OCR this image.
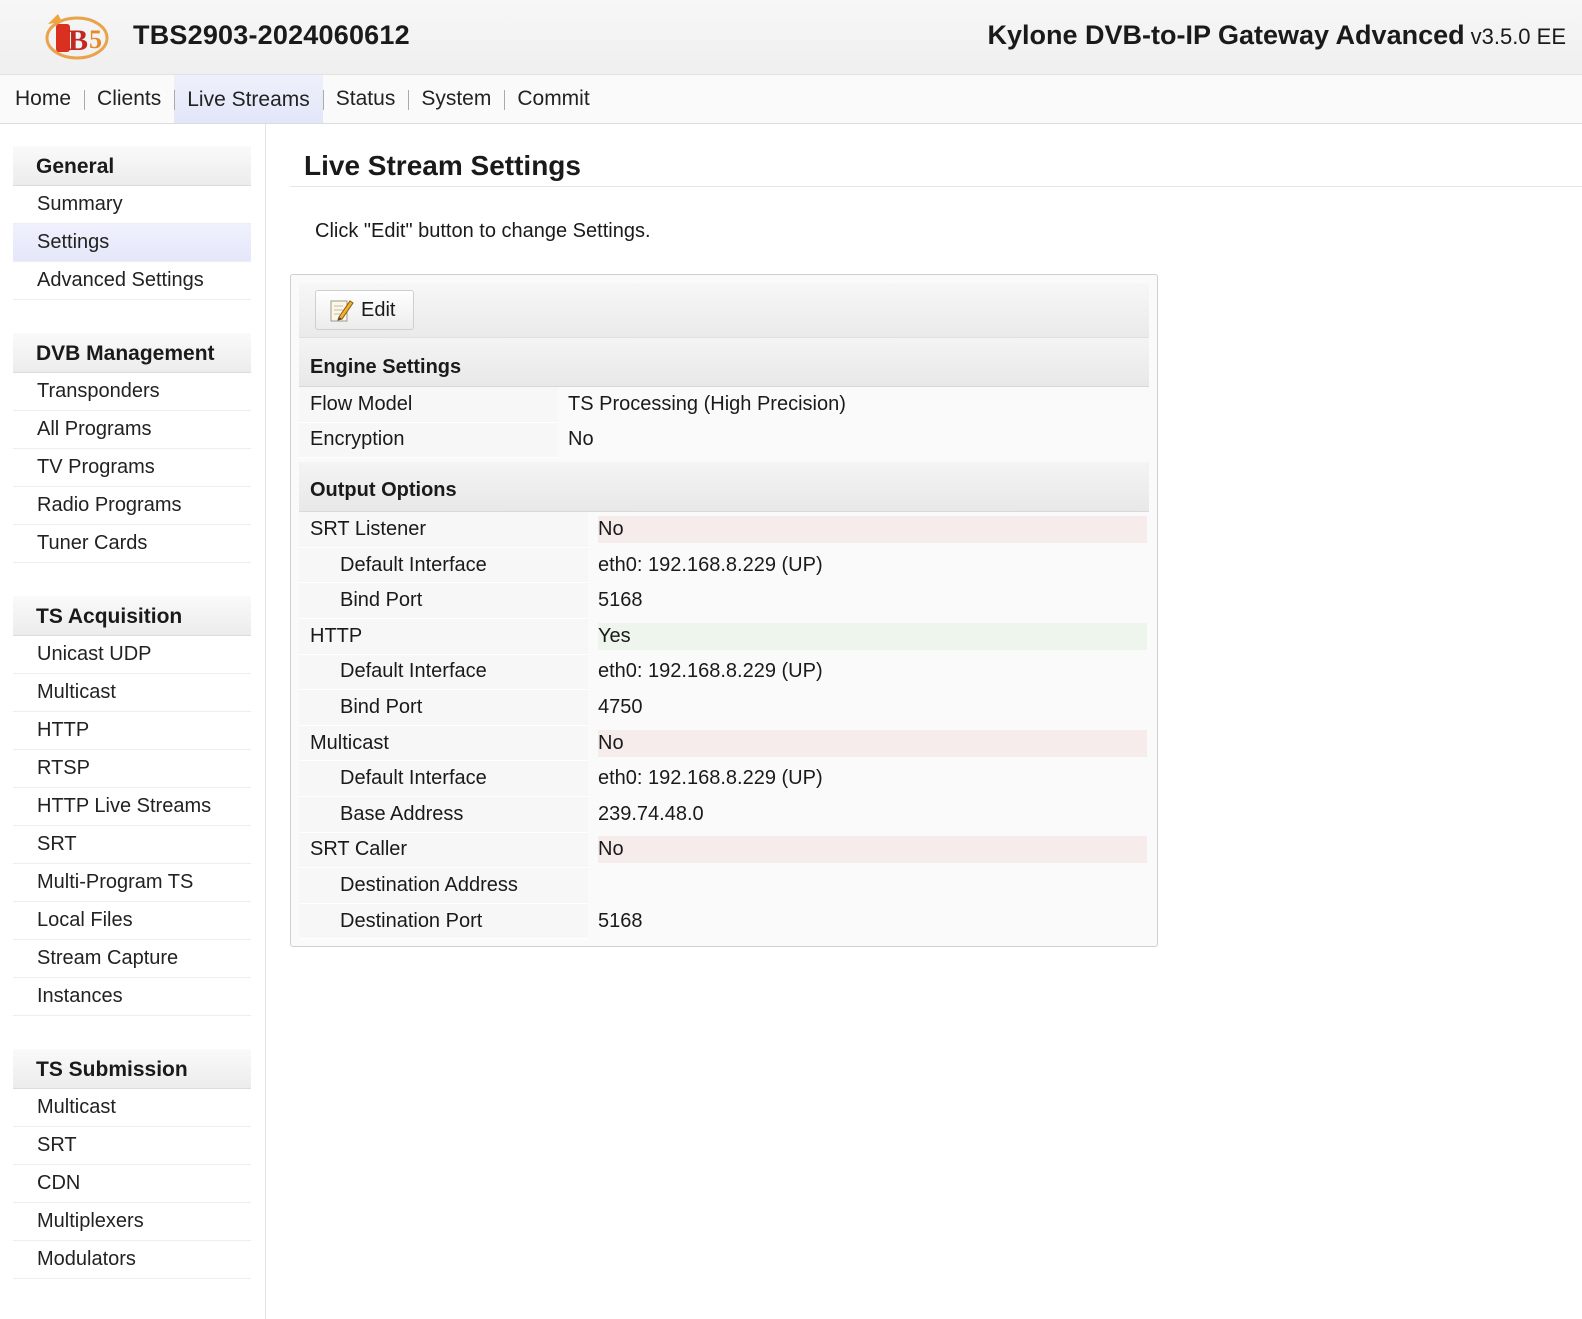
B 5 TBS2903-2024060612	Kylone DVB-to-IP Gateway Advanced v3.5.0 EE
Home	Clients	Live Streams	Status	System	Commit
General
Summary
Settings
Advanced Settings
DVB Management
Transponders
All Programs
TV Programs
Radio Programs
Tuner Cards
TS Acquisition
Unicast UDP
Multicast
HTTP
RTSP
HTTP Live Streams
SRT
Multi-Program TS
Local Files
Stream Capture
Instances
TS Submission
Multicast
SRT
CDN
Multiplexers
Modulators
Live Stream Settings
Click "Edit" button to change Settings.
Edit
Engine Settings
Flow Model	TS Processing (High Precision)
Encryption	No
Output Options
SRT Listener	No

Default Interface	eth0: 192.168.8.229 (UP)
Bind Port	5168
HTTP	Yes

Default Interface	eth0: 192.168.8.229 (UP)
Bind Port	4750
Multicast	No

Default Interface	eth0: 192.168.8.229 (UP)
Base Address	239.74.48.0
SRT Caller	No

Destination Address	
Destination Port	5168
